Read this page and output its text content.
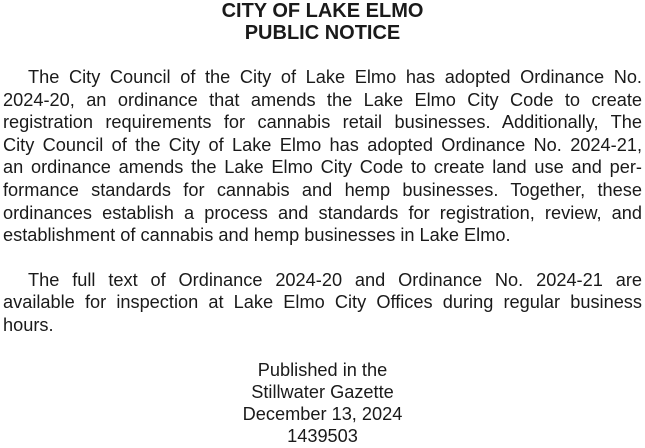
CITY OF LAKE ELMO
PUBLIC NOTICE
The City Council of the City of Lake Elmo has adopted Ordinance No.
2024-20, an ordinance that amends the Lake Elmo City Code to create
registration requirements for cannabis retail businesses. Additionally, The
City Council of the City of Lake Elmo has adopted Ordinance No. 2024-21,
an ordinance amends the Lake Elmo City Code to create land use and per-
formance standards for cannabis and hemp businesses. Together, these
ordinances establish a process and standards for registration, review, and
establishment of cannabis and hemp businesses in Lake Elmo.
The full text of Ordinance 2024-20 and Ordinance No. 2024-21 are
available for inspection at Lake Elmo City Offices during regular business
hours.
Published in the
Stillwater Gazette
December 13, 2024
1439503
